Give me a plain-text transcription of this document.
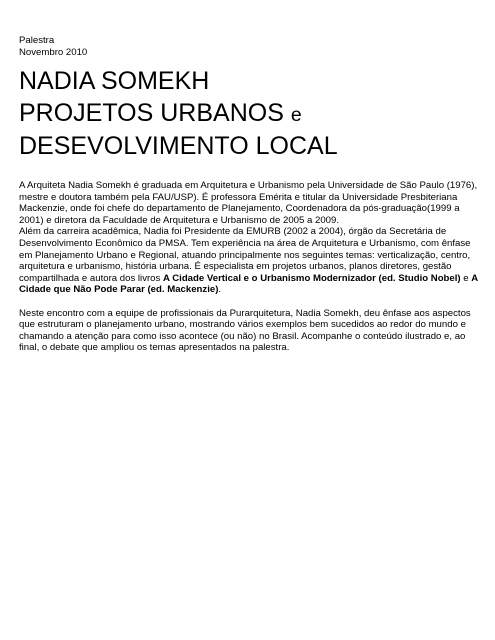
Palestra
Novembro 2010
NADIA SOMEKH
PROJETOS URBANOS e
DESEVOLVIMENTO LOCAL
A Arquiteta Nadia Somekh é graduada em Arquitetura e Urbanismo pela Universidade de São Paulo (1976),
mestre e doutora também pela FAU/USP). É professora Emérita e titular da Universidade Presbiteriana
Mackenzie, onde foi chefe do departamento de Planejamento, Coordenadora da pós-graduação(1999 a
2001) e diretora da Faculdade de Arquitetura e Urbanismo de 2005 a 2009.
Além da carreira acadêmica, Nadia foi Presidente da EMURB (2002 a 2004), órgão da Secretária de
Desenvolvimento Econômico da PMSA. Tem experiência na área de Arquitetura e Urbanismo, com ênfase
em Planejamento Urbano e Regional, atuando principalmente nos seguintes temas: verticalização, centro,
arquitetura e urbanismo, história urbana. É especialista em projetos urbanos, planos diretores, gestão
compartilhada e autora dos livros A Cidade Vertical e o Urbanismo Modernizador (ed. Studio Nobel) e A
Cidade que Não Pode Parar (ed. Mackenzie).
Neste encontro com a equipe de profissionais da Purarquitetura, Nadia Somekh, deu ênfase aos aspectos
que estruturam o planejamento urbano, mostrando vários exemplos bem sucedidos ao redor do mundo e
chamando a atenção para como isso acontece (ou não) no Brasil. Acompanhe o conteúdo ilustrado e, ao
final, o debate que ampliou os temas apresentados na palestra.
